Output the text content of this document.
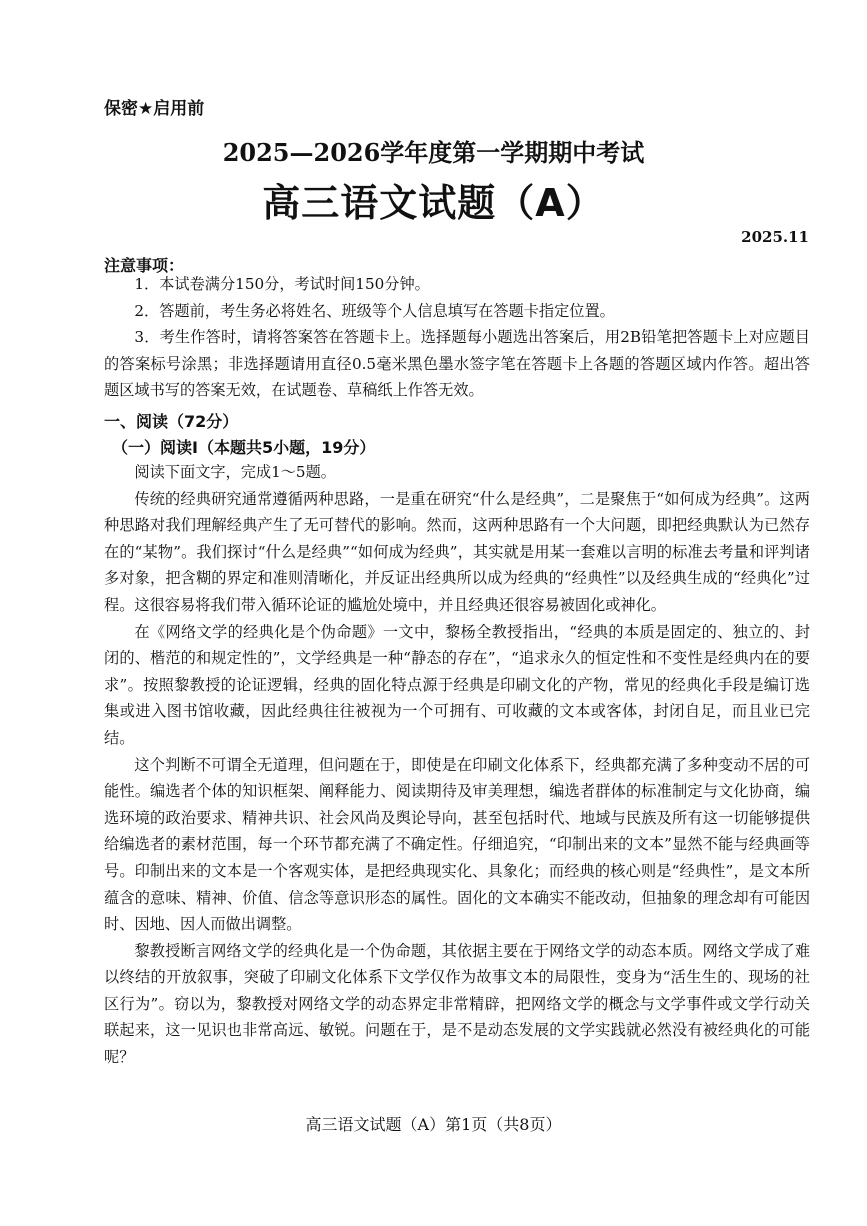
保密★启用前
2025—2026学年度第一学期期中考试
高三语文试题（A）
2025.11
注意事项：

1．本试卷满分150分，考试时间150分钟。

2．答题前，考生务必将姓名、班级等个人信息填写在答题卡指定位置。

3．考生作答时，请将答案答在答题卡上。选择题每小题选出答案后，用2B铅笔把答题卡上对应题目的答案标号涂黑；非选择题请用直径0.5毫米黑色墨水签字笔在答题卡上各题的答题区域内作答。超出答题区域书写的答案无效，在试题卷、草稿纸上作答无效。

一、阅读（72分）
（一）阅读Ⅰ（本题共5小题，19分）

阅读下面文字，完成1～5题。

传统的经典研究通常遵循两种思路，一是重在研究“什么是经典”，二是聚焦于“如何成为经典”。这两种思路对我们理解经典产生了无可替代的影响。然而，这两种思路有一个大问题，即把经典默认为已然存在的“某物”。我们探讨“什么是经典”“如何成为经典”，其实就是用某一套难以言明的标准去考量和评判诸多对象，把含糊的界定和准则清晰化，并反证出经典所以成为经典的“经典性”以及经典生成的“经典化”过程。这很容易将我们带入循环论证的尴尬处境中，并且经典还很容易被固化或神化。

在《网络文学的经典化是个伪命题》一文中，黎杨全教授指出，“经典的本质是固定的、独立的、封闭的、楷范的和规定性的”，文学经典是一种“静态的存在”，“追求永久的恒定性和不变性是经典内在的要求”。按照黎教授的论证逻辑，经典的固化特点源于经典是印刷文化的产物，常见的经典化手段是编订选集或进入图书馆收藏，因此经典往往被视为一个可拥有、可收藏的文本或客体，封闭自足，而且业已完结。

这个判断不可谓全无道理，但问题在于，即使是在印刷文化体系下，经典都充满了多种变动不居的可能性。编选者个体的知识框架、阐释能力、阅读期待及审美理想，编选者群体的标准制定与文化协商，编选环境的政治要求、精神共识、社会风尚及舆论导向，甚至包括时代、地域与民族及所有这一切能够提供给编选者的素材范围，每一个环节都充满了不确定性。仔细追究，“印制出来的文本”显然不能与经典画等号。印制出来的文本是一个客观实体，是把经典现实化、具象化；而经典的核心则是“经典性”，是文本所蕴含的意味、精神、价值、信念等意识形态的属性。固化的文本确实不能改动，但抽象的理念却有可能因时、因地、因人而做出调整。

黎教授断言网络文学的经典化是一个伪命题，其依据主要在于网络文学的动态本质。网络文学成了难以终结的开放叙事，突破了印刷文化体系下文学仅作为故事文本的局限性，变身为“活生生的、现场的社区行为”。窃以为，黎教授对网络文学的动态界定非常精辟，把网络文学的概念与文学事件或文学行动关联起来，这一见识也非常高远、敏锐。问题在于，是不是动态发展的文学实践就必然没有被经典化的可能呢？

高三语文试题（A）第1页（共8页）
